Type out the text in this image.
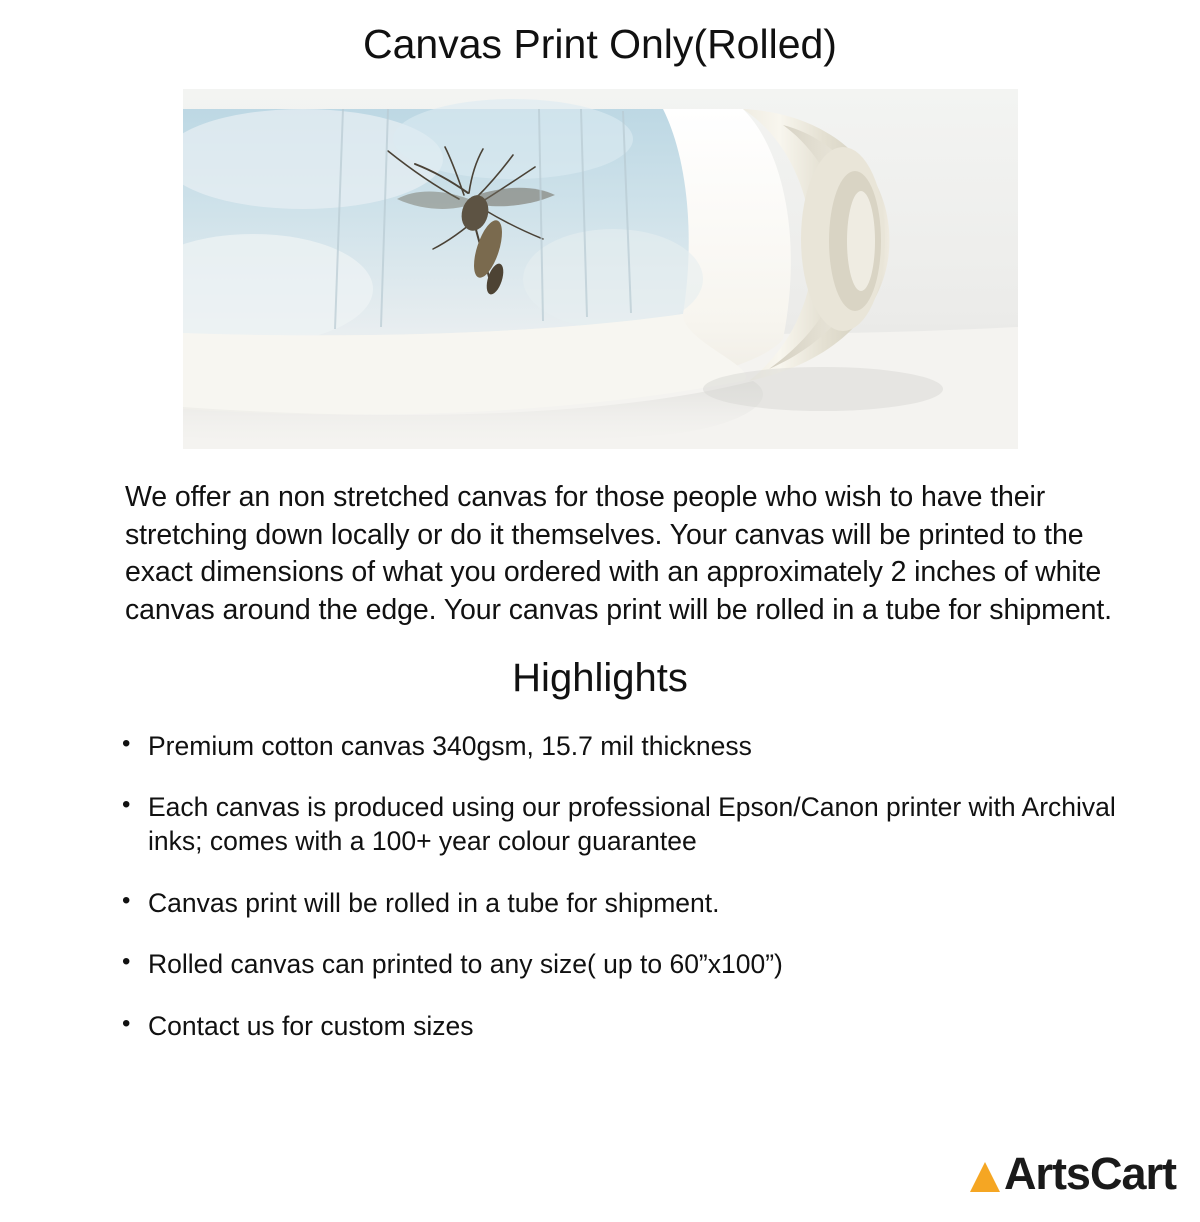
Canvas Print Only(Rolled)

We offer an non stretched canvas for those people who wish to have their stretching down locally or do it themselves. Your canvas will be printed to the exact dimensions of what you ordered with an approximately 2 inches of white canvas around the edge. Your canvas print will be rolled in a tube for shipment.

Highlights
• Premium cotton canvas 340gsm, 15.7 mil thickness
• Each canvas is produced using our professional Epson/Canon printer with Archival inks; comes with a 100+ year colour guarantee
• Canvas print will be rolled in a tube for shipment.
• Rolled canvas can printed to any size( up to 60”x100”)
• Contact us for custom sizes
Arts Cart
